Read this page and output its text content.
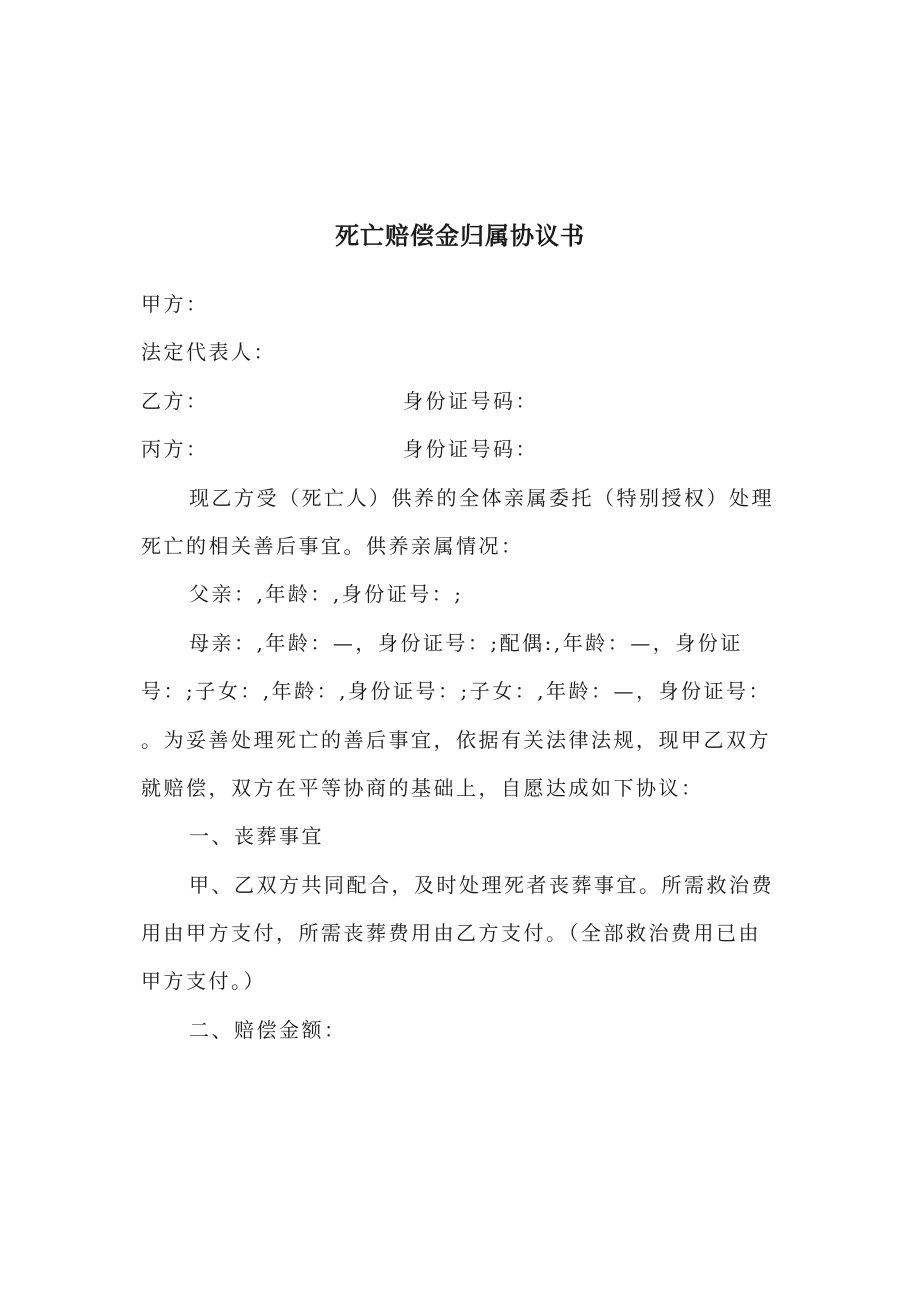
死亡赔偿金归属协议书
甲方：
法定代表人：
乙方：	身份证号码：
丙方：	身份证号码：
现乙方受（死亡人）供养的全体亲属委托（特别授权）处理
死亡的相关善后事宜。供养亲属情况：
父亲：,年龄：,身份证号：;
母亲：,年龄：—，身份证号：;配偶:,年龄：—，身份证
号：;子女：,年龄：,身份证号：;子女：,年龄：—，身份证号：
。为妥善处理死亡的善后事宜，依据有关法律法规，现甲乙双方
就赔偿，双方在平等协商的基础上，自愿达成如下协议：
一、丧葬事宜
甲、乙双方共同配合，及时处理死者丧葬事宜。所需救治费
用由甲方支付，所需丧葬费用由乙方支付。（全部救治费用已由
甲方支付。）
二、赔偿金额：
